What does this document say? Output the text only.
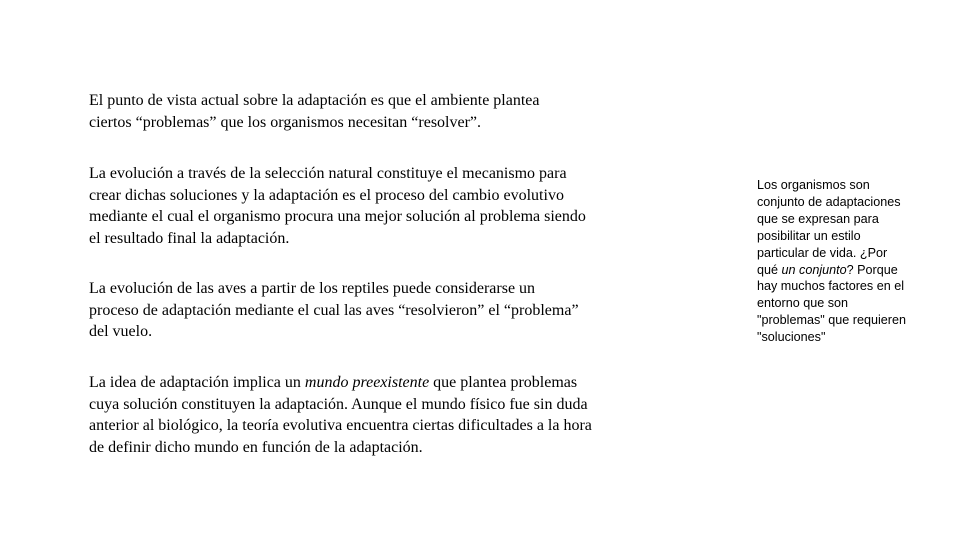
El punto de vista actual sobre la adaptación es que el ambiente plantea
ciertos “problemas” que los organismos necesitan “resolver”.

La evolución a través de la selección natural constituye el mecanismo para
crear dichas soluciones y la adaptación es el proceso del cambio evolutivo
mediante el cual el organismo procura una mejor solución al problema siendo
el resultado final la adaptación.

La evolución de las aves a partir de los reptiles puede considerarse un
proceso de adaptación mediante el cual las aves “resolvieron” el “problema”
del vuelo.

La idea de adaptación implica un mundo preexistente que plantea problemas
cuya solución constituyen la adaptación. Aunque el mundo físico fue sin duda
anterior al biológico, la teoría evolutiva encuentra ciertas dificultades a la hora
de definir dicho mundo en función de la adaptación.

Los organismos son
conjunto de adaptaciones
que se expresan para
posibilitar un estilo
particular de vida. ¿Por
qué un conjunto? Porque
hay muchos factores en el
entorno que son
"problemas" que requieren
"soluciones"
